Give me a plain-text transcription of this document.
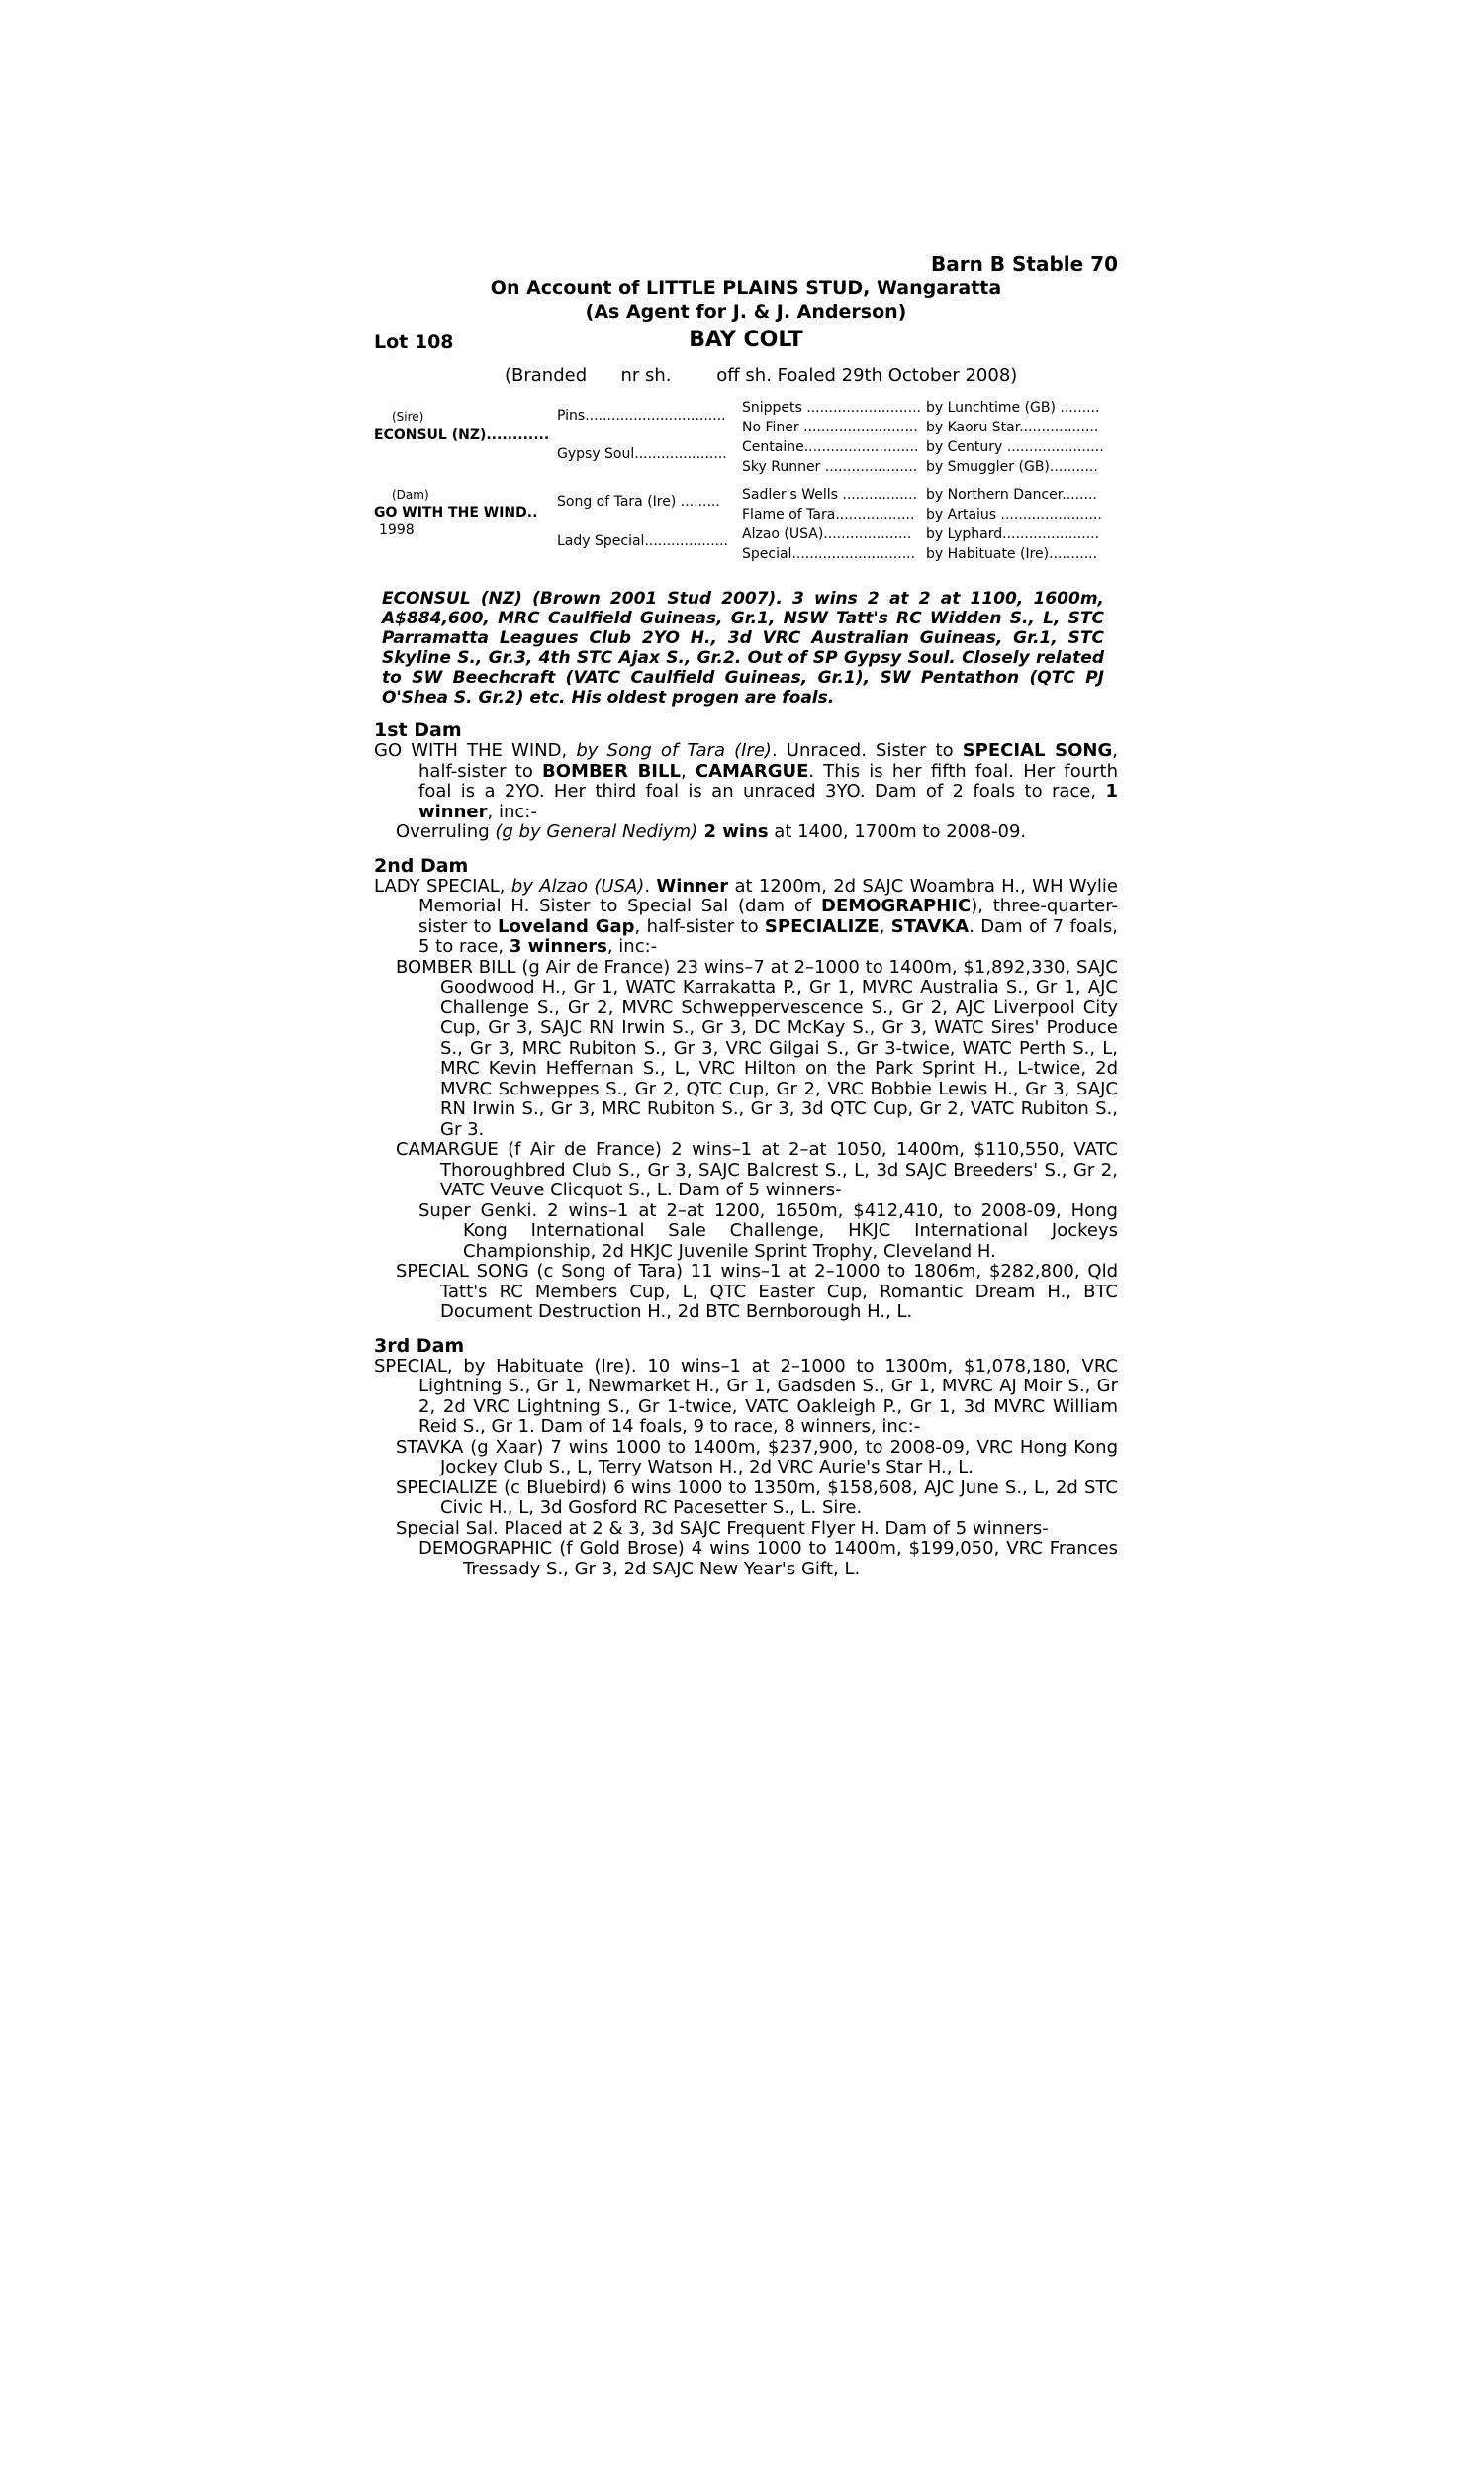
Barn B Stable 70
On Account of LITTLE PLAINS STUD, Wangaratta
(As Agent for J. & J. Anderson)
Lot 108	BAY COLT
(Branded      nr sh.        off sh. Foaled 29th October 2008)
(Sire)
ECONSUL (NZ)............
(Dam)
GO WITH THE WIND..
1998
Pins................................
Gypsy Soul.....................
Song of Tara (Ire) .........
Lady Special...................
Snippets ..........................
No Finer ..........................
Centaine..........................
Sky Runner .....................
Sadler's Wells .................
Flame of Tara..................
Alzao (USA)....................
Special............................
by Lunchtime (GB) .........
by Kaoru Star..................
by Century ......................
by Smuggler (GB)...........
by Northern Dancer........
by Artaius .......................
by Lyphard......................
by Habituate (Ire)...........
ECONSUL (NZ) (Brown 2001 Stud 2007). 3 wins 2 at 2 at 1100, 1600m, A$884,600, MRC Caulfield Guineas, Gr.1, NSW Tatt's RC Widden S., L, STC Parramatta Leagues Club 2YO H., 3d VRC Australian Guineas, Gr.1, STC Skyline S., Gr.3, 4th STC Ajax S., Gr.2. Out of SP Gypsy Soul. Closely related to SW Beechcraft (VATC Caulfield Guineas, Gr.1), SW Pentathon (QTC PJ O'Shea S. Gr.2) etc. His oldest progen are foals.
1st Dam
GO WITH THE WIND, by Song of Tara (Ire). Unraced. Sister to SPECIAL SONG, half-sister to BOMBER BILL, CAMARGUE. This is her fifth foal. Her fourth foal is a 2YO. Her third foal is an unraced 3YO. Dam of 2 foals to race, 1 winner, inc:-
Overruling (g by General Nediym) 2 wins at 1400, 1700m to 2008-09.
2nd Dam
LADY SPECIAL, by Alzao (USA). Winner at 1200m, 2d SAJC Woambra H., WH Wylie Memorial H. Sister to Special Sal (dam of DEMOGRAPHIC), three-quarter-sister to Loveland Gap, half-sister to SPECIALIZE, STAVKA. Dam of 7 foals, 5 to race, 3 winners, inc:-
BOMBER BILL (g Air de France) 23 wins–7 at 2–1000 to 1400m, $1,892,330, SAJC Goodwood H., Gr 1, WATC Karrakatta P., Gr 1, MVRC Australia S., Gr 1, AJC Challenge S., Gr 2, MVRC Schweppervescence S., Gr 2, AJC Liverpool City Cup, Gr 3, SAJC RN Irwin S., Gr 3, DC McKay S., Gr 3, WATC Sires' Produce S., Gr 3, MRC Rubiton S., Gr 3, VRC Gilgai S., Gr 3-twice, WATC Perth S., L, MRC Kevin Heffernan S., L, VRC Hilton on the Park Sprint H., L-twice, 2d MVRC Schweppes S., Gr 2, QTC Cup, Gr 2, VRC Bobbie Lewis H., Gr 3, SAJC RN Irwin S., Gr 3, MRC Rubiton S., Gr 3, 3d QTC Cup, Gr 2, VATC Rubiton S., Gr 3.
CAMARGUE (f Air de France) 2 wins–1 at 2–at 1050, 1400m, $110,550, VATC Thoroughbred Club S., Gr 3, SAJC Balcrest S., L, 3d SAJC Breeders' S., Gr 2, VATC Veuve Clicquot S., L. Dam of 5 winners-
Super Genki. 2 wins–1 at 2–at 1200, 1650m, $412,410, to 2008-09, Hong Kong International Sale Challenge, HKJC International Jockeys Championship, 2d HKJC Juvenile Sprint Trophy, Cleveland H.
SPECIAL SONG (c Song of Tara) 11 wins–1 at 2–1000 to 1806m, $282,800, Qld Tatt's RC Members Cup, L, QTC Easter Cup, Romantic Dream H., BTC Document Destruction H., 2d BTC Bernborough H., L.
3rd Dam
SPECIAL, by Habituate (Ire). 10 wins–1 at 2–1000 to 1300m, $1,078,180, VRC Lightning S., Gr 1, Newmarket H., Gr 1, Gadsden S., Gr 1, MVRC AJ Moir S., Gr 2, 2d VRC Lightning S., Gr 1-twice, VATC Oakleigh P., Gr 1, 3d MVRC William Reid S., Gr 1. Dam of 14 foals, 9 to race, 8 winners, inc:-
STAVKA (g Xaar) 7 wins 1000 to 1400m, $237,900, to 2008-09, VRC Hong Kong Jockey Club S., L, Terry Watson H., 2d VRC Aurie's Star H., L.
SPECIALIZE (c Bluebird) 6 wins 1000 to 1350m, $158,608, AJC June S., L, 2d STC Civic H., L, 3d Gosford RC Pacesetter S., L. Sire.
Special Sal. Placed at 2 & 3, 3d SAJC Frequent Flyer H. Dam of 5 winners-
DEMOGRAPHIC (f Gold Brose) 4 wins 1000 to 1400m, $199,050, VRC Frances Tressady S., Gr 3, 2d SAJC New Year's Gift, L.
